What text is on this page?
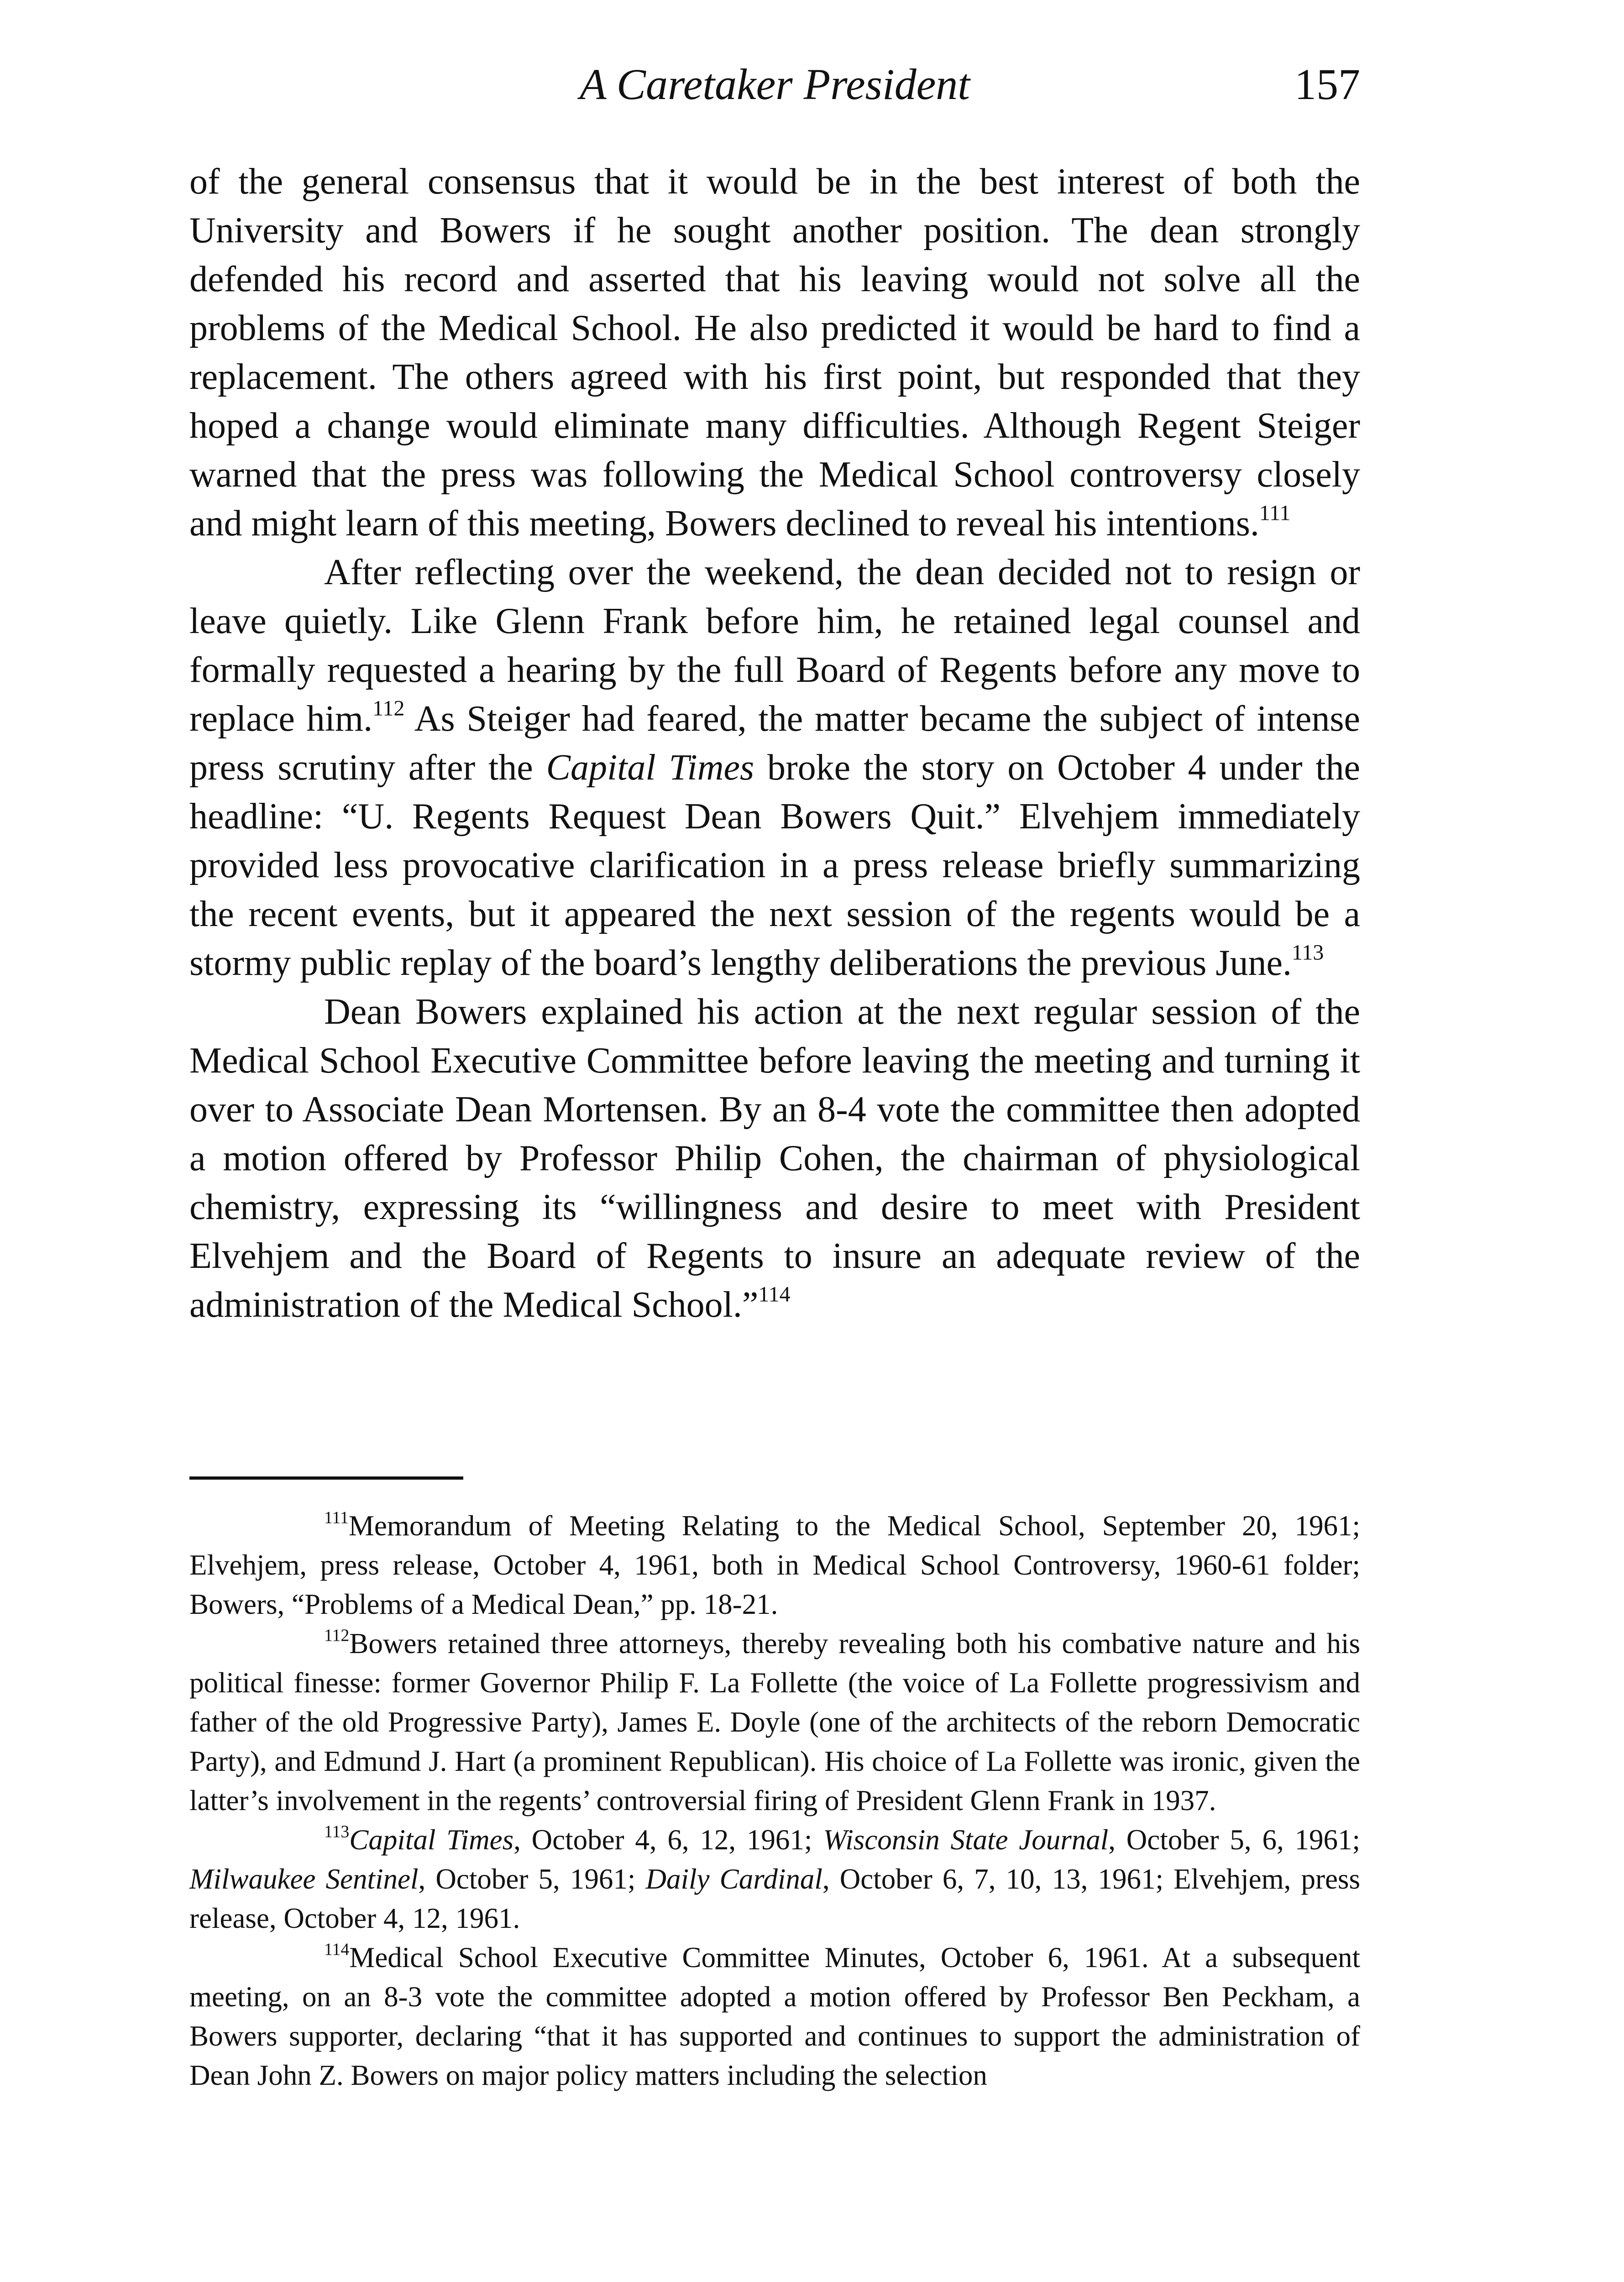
A Caretaker President	157

of the general consensus that it would be in the best interest of both the University and Bowers if he sought another position. The dean strongly defended his record and asserted that his leaving would not solve all the problems of the Medical School. He also predicted it would be hard to find a replacement. The others agreed with his first point, but responded that they hoped a change would eliminate many difficulties. Although Regent Steiger warned that the press was following the Medical School controversy closely and might learn of this meeting, Bowers declined to reveal his intentions.$^{111}$

After reflecting over the weekend, the dean decided not to resign or leave quietly. Like Glenn Frank before him, he retained legal counsel and formally requested a hearing by the full Board of Regents before any move to replace him.$^{112}$ As Steiger had feared, the matter became the subject of intense press scrutiny after the Capital Times broke the story on October 4 under the headline: “U. Regents Request Dean Bowers Quit.” Elvehjem immediately provided less provocative clarification in a press release briefly summarizing the recent events, but it appeared the next session of the regents would be a stormy public replay of the board’s lengthy deliberations the previous June.$^{113}$

Dean Bowers explained his action at the next regular session of the Medical School Executive Committee before leaving the meeting and turning it over to Associate Dean Mortensen. By an 8-4 vote the committee then adopted a motion offered by Professor Philip Cohen, the chairman of physiological chemistry, expressing its “willingness and desire to meet with President Elvehjem and the Board of Regents to insure an adequate review of the administration of the Medical School.”$^{114}$

$^{111}$Memorandum of Meeting Relating to the Medical School, September 20, 1961; Elvehjem, press release, October 4, 1961, both in Medical School Controversy, 1960-61 folder; Bowers, “Problems of a Medical Dean,” pp. 18-21.

$^{112}$Bowers retained three attorneys, thereby revealing both his combative nature and his political finesse: former Governor Philip F. La Follette (the voice of La Follette progressivism and father of the old Progressive Party), James E. Doyle (one of the architects of the reborn Democratic Party), and Edmund J. Hart (a prominent Republican). His choice of La Follette was ironic, given the latter’s involvement in the regents’ controversial firing of President Glenn Frank in 1937.

$^{113}$Capital Times, October 4, 6, 12, 1961; Wisconsin State Journal, October 5, 6, 1961; Milwaukee Sentinel, October 5, 1961; Daily Cardinal, October 6, 7, 10, 13, 1961; Elvehjem, press release, October 4, 12, 1961.

$^{114}$Medical School Executive Committee Minutes, October 6, 1961. At a subsequent meeting, on an 8-3 vote the committee adopted a motion offered by Professor Ben Peckham, a Bowers supporter, declaring “that it has supported and continues to support the administration of Dean John Z. Bowers on major policy matters including the selection
